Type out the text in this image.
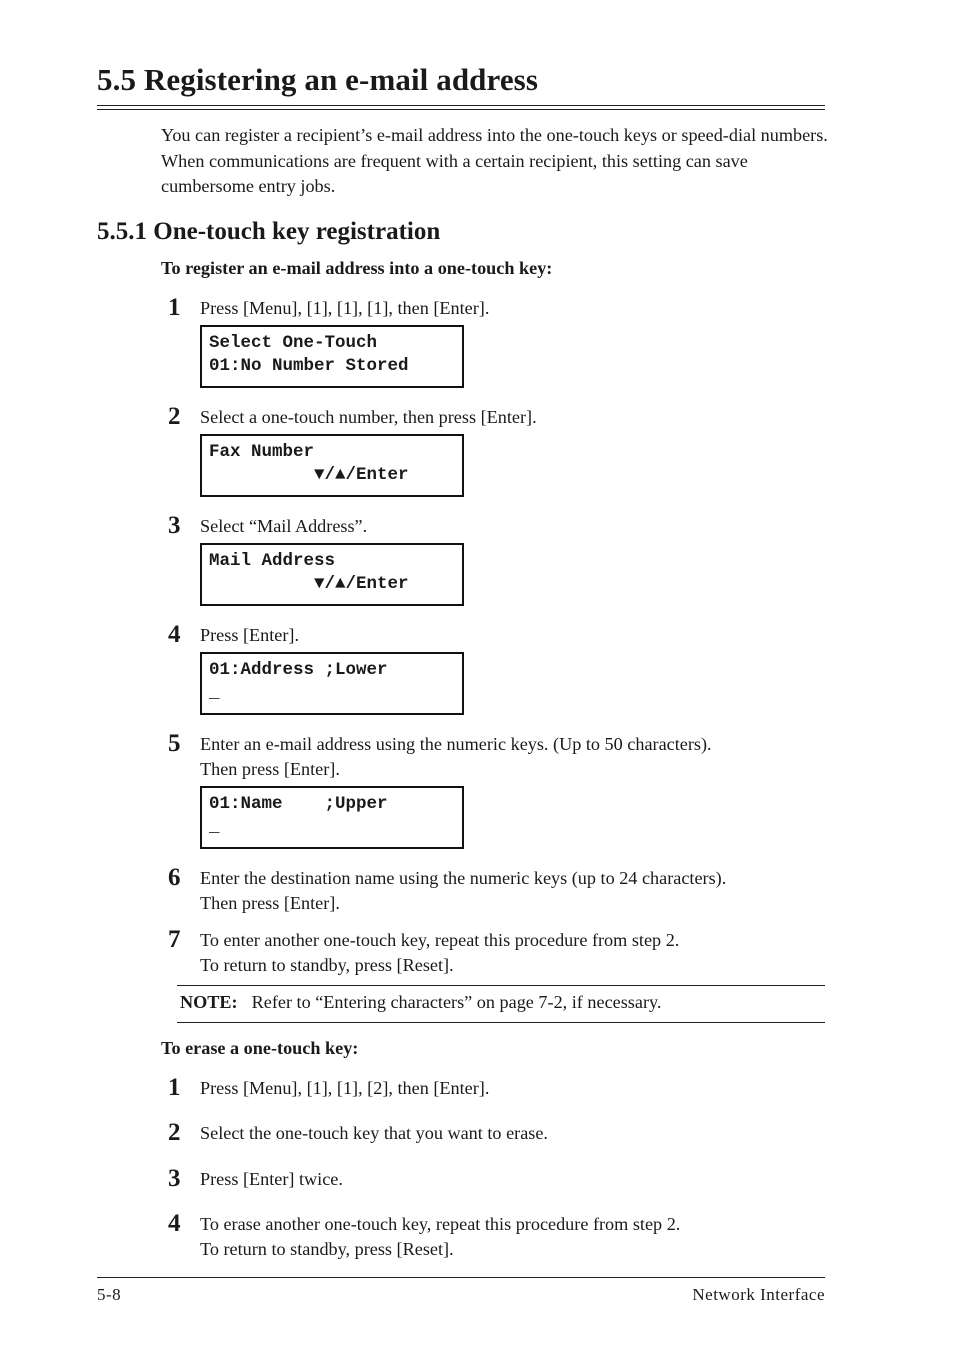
5.5 Registering an e-mail address
You can register a recipient’s e-mail address into the one-touch keys or speed-dial numbers. When communications are frequent with a certain recipient, this setting can save cumbersome entry jobs.
5.5.1 One-touch key registration
To register an e-mail address into a one-touch key:
1 Press [Menu], [1], [1], [1], then [Enter].
Select One-Touch
01:No Number Stored
2 Select a one-touch number, then press [Enter].
Fax Number
▼/▲/Enter
3 Select “Mail Address”.
Mail Address
▼/▲/Enter
4 Press [Enter].
01:Address ;Lower
_
5 Enter an e-mail address using the numeric keys. (Up to 50 characters).
Then press [Enter].
01:Name    ;Upper
_
6 Enter the destination name using the numeric keys (up to 24 characters).
Then press [Enter].
7 To enter another one-touch key, repeat this procedure from step 2.
To return to standby, press [Reset].
NOTE: Refer to “Entering characters” on page 7-2, if necessary.
To erase a one-touch key:
1 Press [Menu], [1], [1], [2], then [Enter].
2 Select the one-touch key that you want to erase.
3 Press [Enter] twice.
4 To erase another one-touch key, repeat this procedure from step 2.
To return to standby, press [Reset].
5-8	Network Interface
